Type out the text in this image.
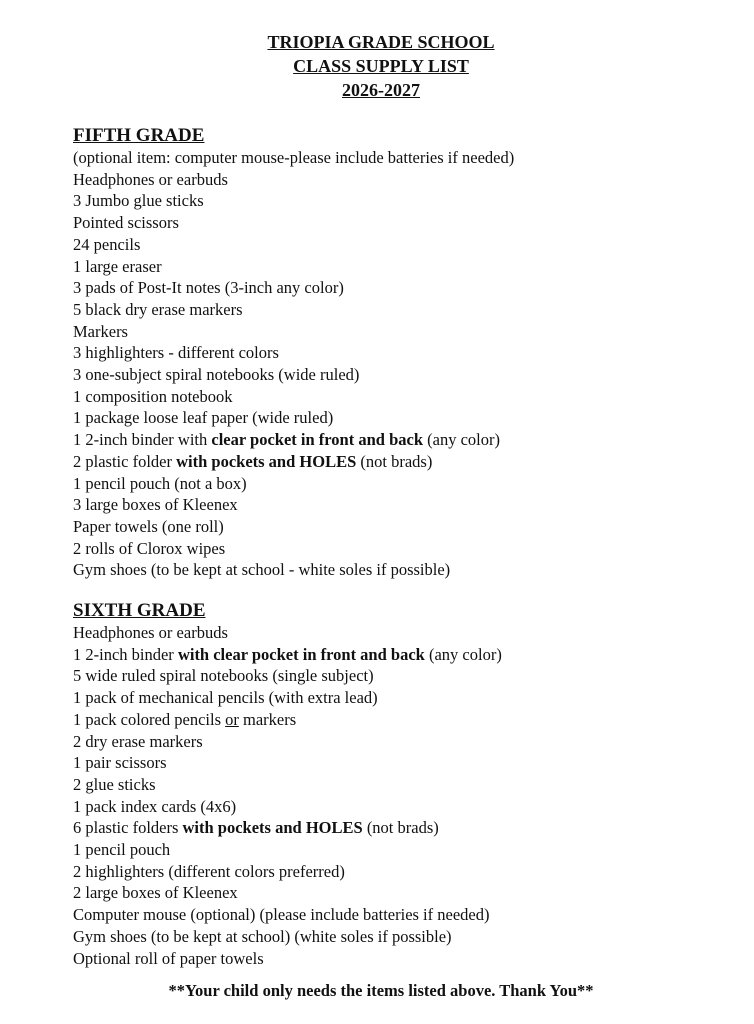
TRIOPIA GRADE SCHOOL
CLASS SUPPLY LIST
2026-2027
FIFTH GRADE
(optional item: computer mouse-please include batteries if needed)
Headphones or earbuds
3 Jumbo glue sticks
Pointed scissors
24 pencils
1 large eraser
3 pads of Post-It notes (3-inch any color)
5 black dry erase markers
Markers
3 highlighters - different colors
3 one-subject spiral notebooks (wide ruled)
1 composition notebook
1 package loose leaf paper (wide ruled)
1 2-inch binder with clear pocket in front and back (any color)
2 plastic folder with pockets and HOLES (not brads)
1 pencil pouch (not a box)
3 large boxes of Kleenex
Paper towels (one roll)
2 rolls of Clorox wipes
Gym shoes (to be kept at school - white soles if possible)
SIXTH GRADE
Headphones or earbuds
1 2-inch binder with clear pocket in front and back (any color)
5 wide ruled spiral notebooks (single subject)
1 pack of mechanical pencils (with extra lead)
1 pack colored pencils or markers
2 dry erase markers
1 pair scissors
2 glue sticks
1 pack index cards (4x6)
6 plastic folders with pockets and HOLES (not brads)
1 pencil pouch
2 highlighters (different colors preferred)
2 large boxes of Kleenex
Computer mouse (optional) (please include batteries if needed)
Gym shoes (to be kept at school) (white soles if possible)
Optional roll of paper towels
**Your child only needs the items listed above. Thank You**
